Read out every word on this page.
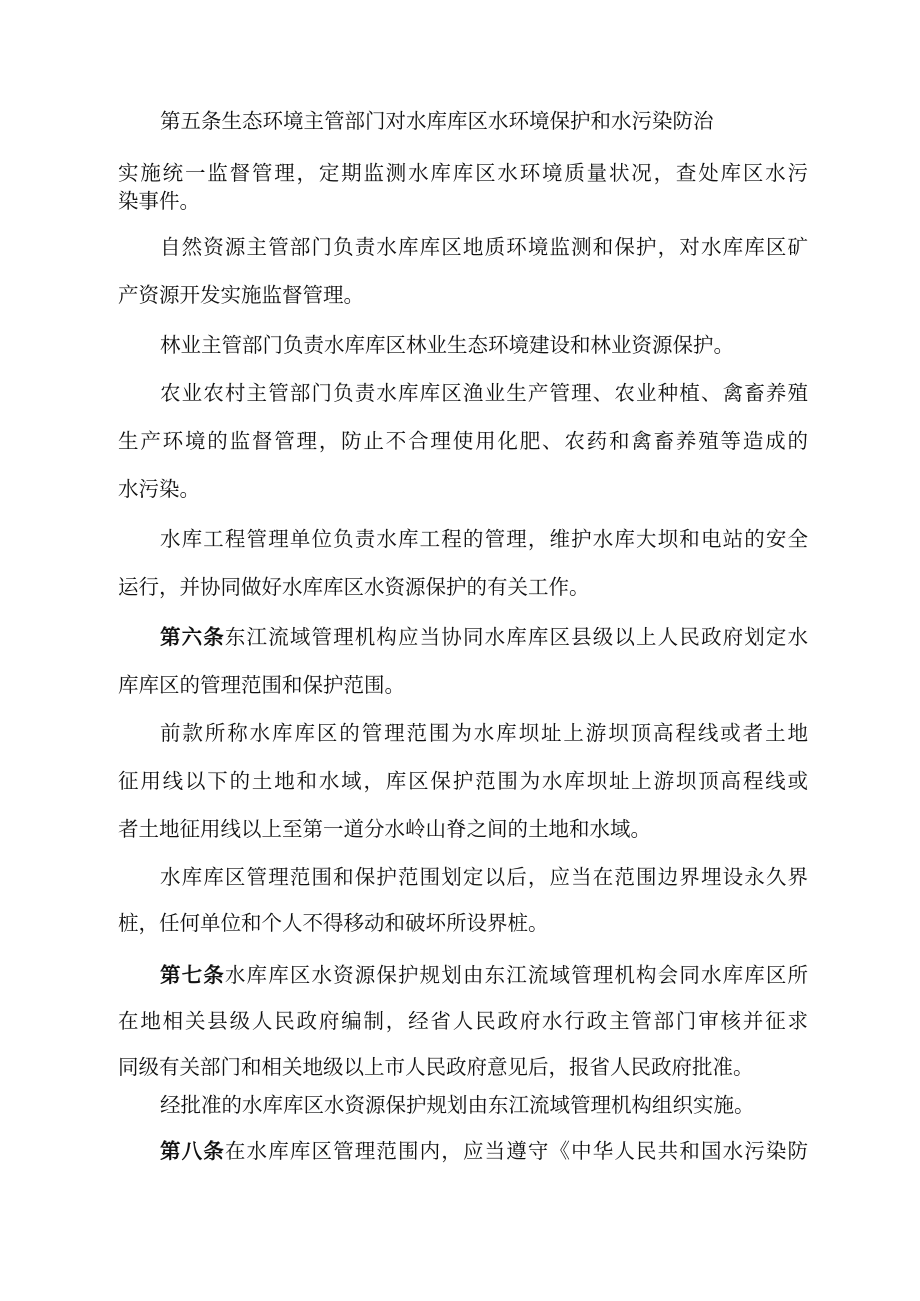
第五条生态环境主管部门对水库库区水环境保护和水污染防治
实施统一监督管理，定期监测水库库区水环境质量状况，查处库区水污
染事件。
自然资源主管部门负责水库库区地质环境监测和保护，对水库库区矿
产资源开发实施监督管理。
林业主管部门负责水库库区林业生态环境建设和林业资源保护。
农业农村主管部门负责水库库区渔业生产管理、农业种植、禽畜养殖
生产环境的监督管理，防止不合理使用化肥、农药和禽畜养殖等造成的
水污染。
水库工程管理单位负责水库工程的管理，维护水库大坝和电站的安全
运行，并协同做好水库库区水资源保护的有关工作。
第六条东江流域管理机构应当协同水库库区县级以上人民政府划定水
库库区的管理范围和保护范围。
前款所称水库库区的管理范围为水库坝址上游坝顶高程线或者土地
征用线以下的土地和水域，库区保护范围为水库坝址上游坝顶高程线或
者土地征用线以上至第一道分水岭山脊之间的土地和水域。
水库库区管理范围和保护范围划定以后，应当在范围边界埋设永久界
桩，任何单位和个人不得移动和破坏所设界桩。
第七条水库库区水资源保护规划由东江流域管理机构会同水库库区所
在地相关县级人民政府编制，经省人民政府水行政主管部门审核并征求
同级有关部门和相关地级以上市人民政府意见后，报省人民政府批准。
经批准的水库库区水资源保护规划由东江流域管理机构组织实施。
第八条在水库库区管理范围内，应当遵守《中华人民共和国水污染防
